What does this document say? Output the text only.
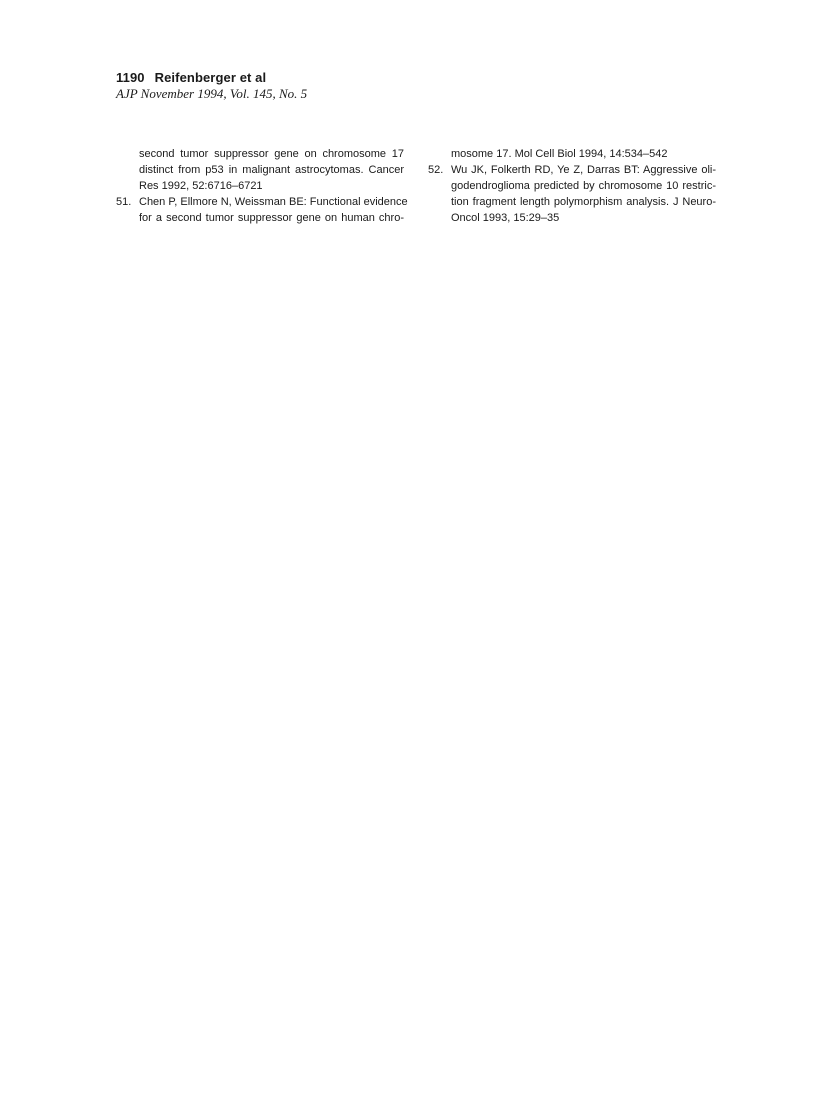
1190 Reifenberger et al
AJP November 1994, Vol. 145, No. 5
second tumor suppressor gene on chromosome 17
distinct from p53 in malignant astrocytomas. Cancer
Res 1992, 52:6716–6721
51. Chen P, Ellmore N, Weissman BE: Functional evidence
for a second tumor suppressor gene on human chro-
mosome 17. Mol Cell Biol 1994, 14:534–542
52. Wu JK, Folkerth RD, Ye Z, Darras BT: Aggressive oli-
godendroglioma predicted by chromosome 10 restric-
tion fragment length polymorphism analysis. J Neuro-
Oncol 1993, 15:29–35
